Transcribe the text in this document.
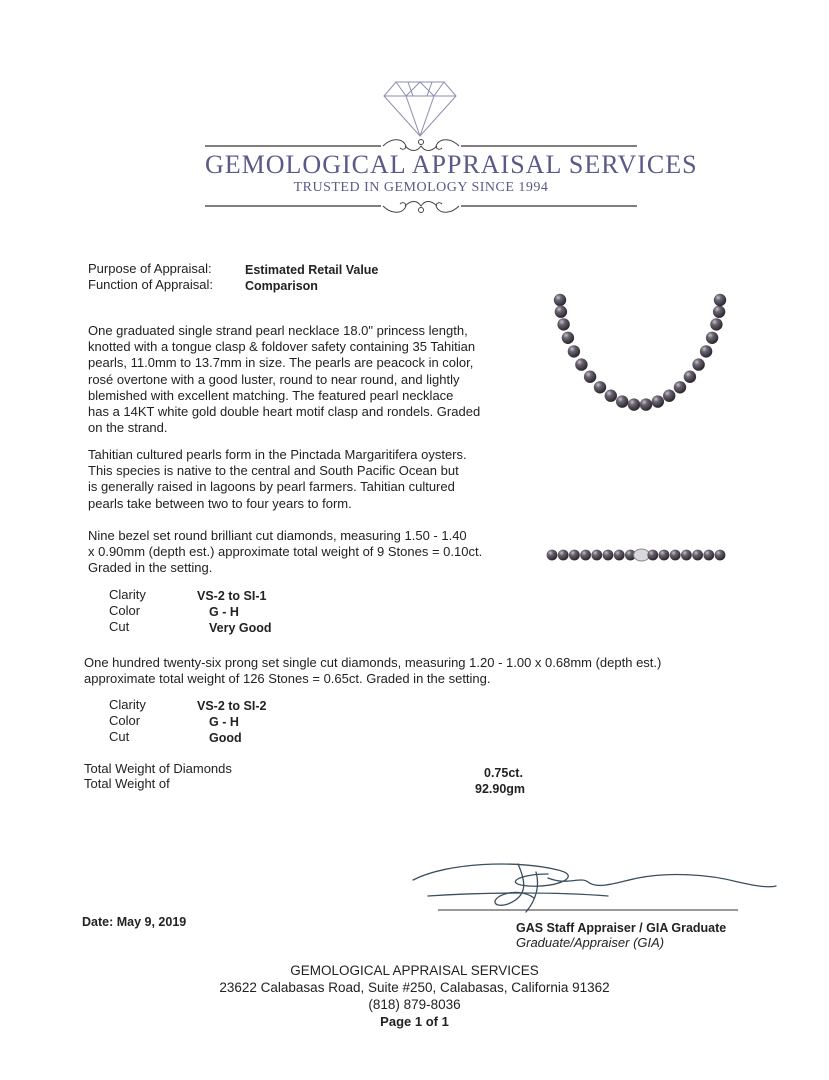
GEMOLOGICAL APPRAISAL SERVICES
TRUSTED IN GEMOLOGY SINCE 1994
Purpose of Appraisal:	Estimated Retail Value
Function of Appraisal:	Comparison
One graduated single strand pearl necklace 18.0" princess length,
knotted with a tongue clasp & foldover safety containing 35 Tahitian
pearls, 11.0mm to 13.7mm in size. The pearls are peacock in color,
rosé overtone with a good luster, round to near round, and lightly
blemished with excellent matching. The featured pearl necklace
has a 14KT white gold double heart motif clasp and rondels. Graded
on the strand.
Tahitian cultured pearls form in the Pinctada Margaritifera oysters.
This species is native to the central and South Pacific Ocean but
is generally raised in lagoons by pearl farmers. Tahitian cultured
pearls take between two to four years to form.
Nine bezel set round brilliant cut diamonds, measuring 1.50 - 1.40
x 0.90mm (depth est.) approximate total weight of 9 Stones = 0.10ct.
Graded in the setting.
Clarity	VS-2 to SI-1
Color	G - H
Cut	Very Good
One hundred twenty-six prong set single cut diamonds, measuring 1.20 - 1.00 x 0.68mm (depth est.)
approximate total weight of 126 Stones = 0.65ct. Graded in the setting.
Clarity	VS-2 to SI-2
Color	G - H
Cut	Good
Total Weight of Diamonds	0.75ct.
Total Weight of	92.90gm
Date: May 9, 2019	GAS Staff Appraiser / GIA Graduate
Graduate/Appraiser (GIA)
GEMOLOGICAL APPRAISAL SERVICES
23622 Calabasas Road, Suite #250, Calabasas, California 91362
(818) 879-8036
Page 1 of 1
